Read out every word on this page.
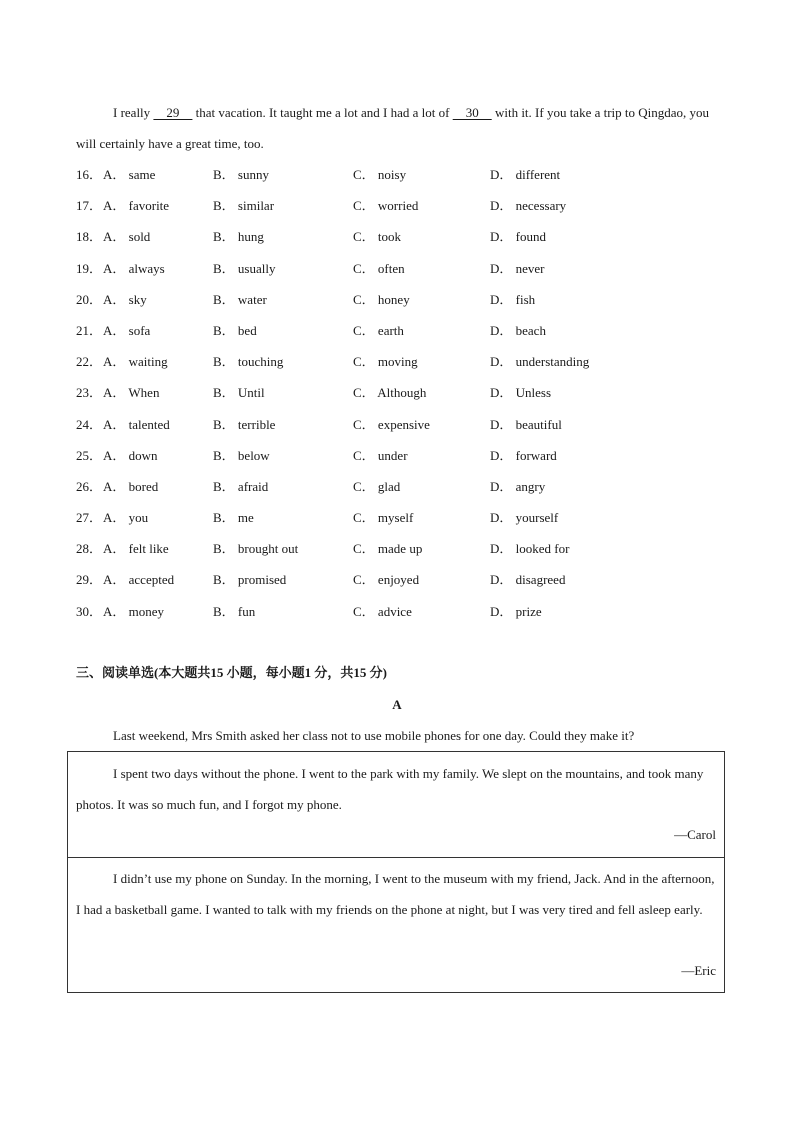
I really     29     that vacation. It taught me a lot and I had a lot of     30     with it. If you take a trip to Qingdao, you will certainly have a great time, too.

16． A． same	B． sunny	C． noisy	D． different
17． A． favorite	B． similar	C． worried	D． necessary
18． A． sold	B． hung	C． took	D． found
19． A． always	B． usually	C． often	D． never
20． A． sky	B． water	C． honey	D． fish
21． A． sofa	B． bed	C． earth	D． beach
22． A． waiting	B． touching	C． moving	D． understanding
23． A． When	B． Until	C． Although	D． Unless
24． A． talented	B． terrible	C． expensive	D． beautiful
25． A． down	B． below	C． under	D． forward
26． A． bored	B． afraid	C． glad	D． angry
27． A． you	B． me	C． myself	D． yourself
28． A． felt like	B． brought out	C． made up	D． looked for
29． A． accepted	B． promised	C． enjoyed	D． disagreed
30． A． money	B． fun	C． advice	D． prize
三、阅读单选(本大题共15 小题，每小题1 分，共15 分)
A

Last weekend, Mrs Smith asked her class not to use mobile phones for one day. Could they make it?

I spent two days without the phone. I went to the park with my family. We slept on the mountains, and took many photos. It was so much fun, and I forgot my phone.

—Carol

I didn’t use my phone on Sunday. In the morning, I went to the museum with my friend, Jack. And in the afternoon, I had a basketball game. I wanted to talk with my friends on the phone at night, but I was very tired and fell asleep early.

—Eric
